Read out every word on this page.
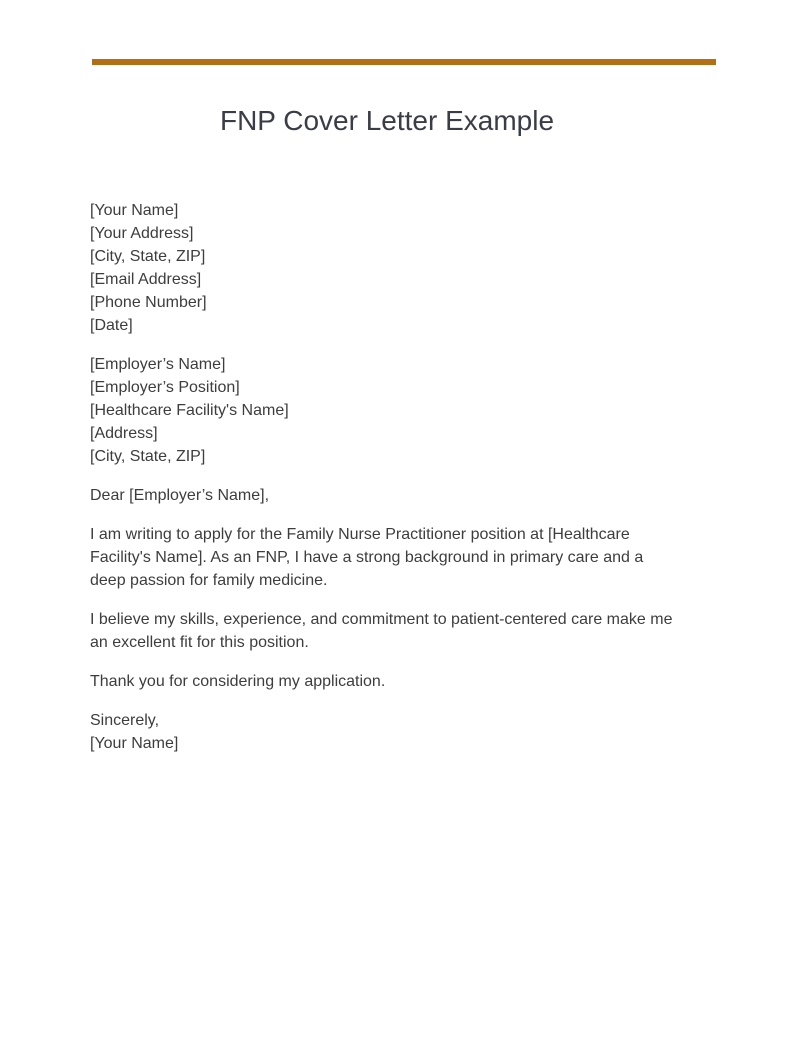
FNP Cover Letter Example
[Your Name]
[Your Address]
[City, State, ZIP]
[Email Address]
[Phone Number]
[Date]
[Employer’s Name]
[Employer’s Position]
[Healthcare Facility's Name]
[Address]
[City, State, ZIP]

Dear [Employer’s Name],

I am writing to apply for the Family Nurse Practitioner position at [Healthcare
Facility's Name]. As an FNP, I have a strong background in primary care and a
deep passion for family medicine.

I believe my skills, experience, and commitment to patient-centered care make me
an excellent fit for this position.

Thank you for considering my application.

Sincerely,
[Your Name]
